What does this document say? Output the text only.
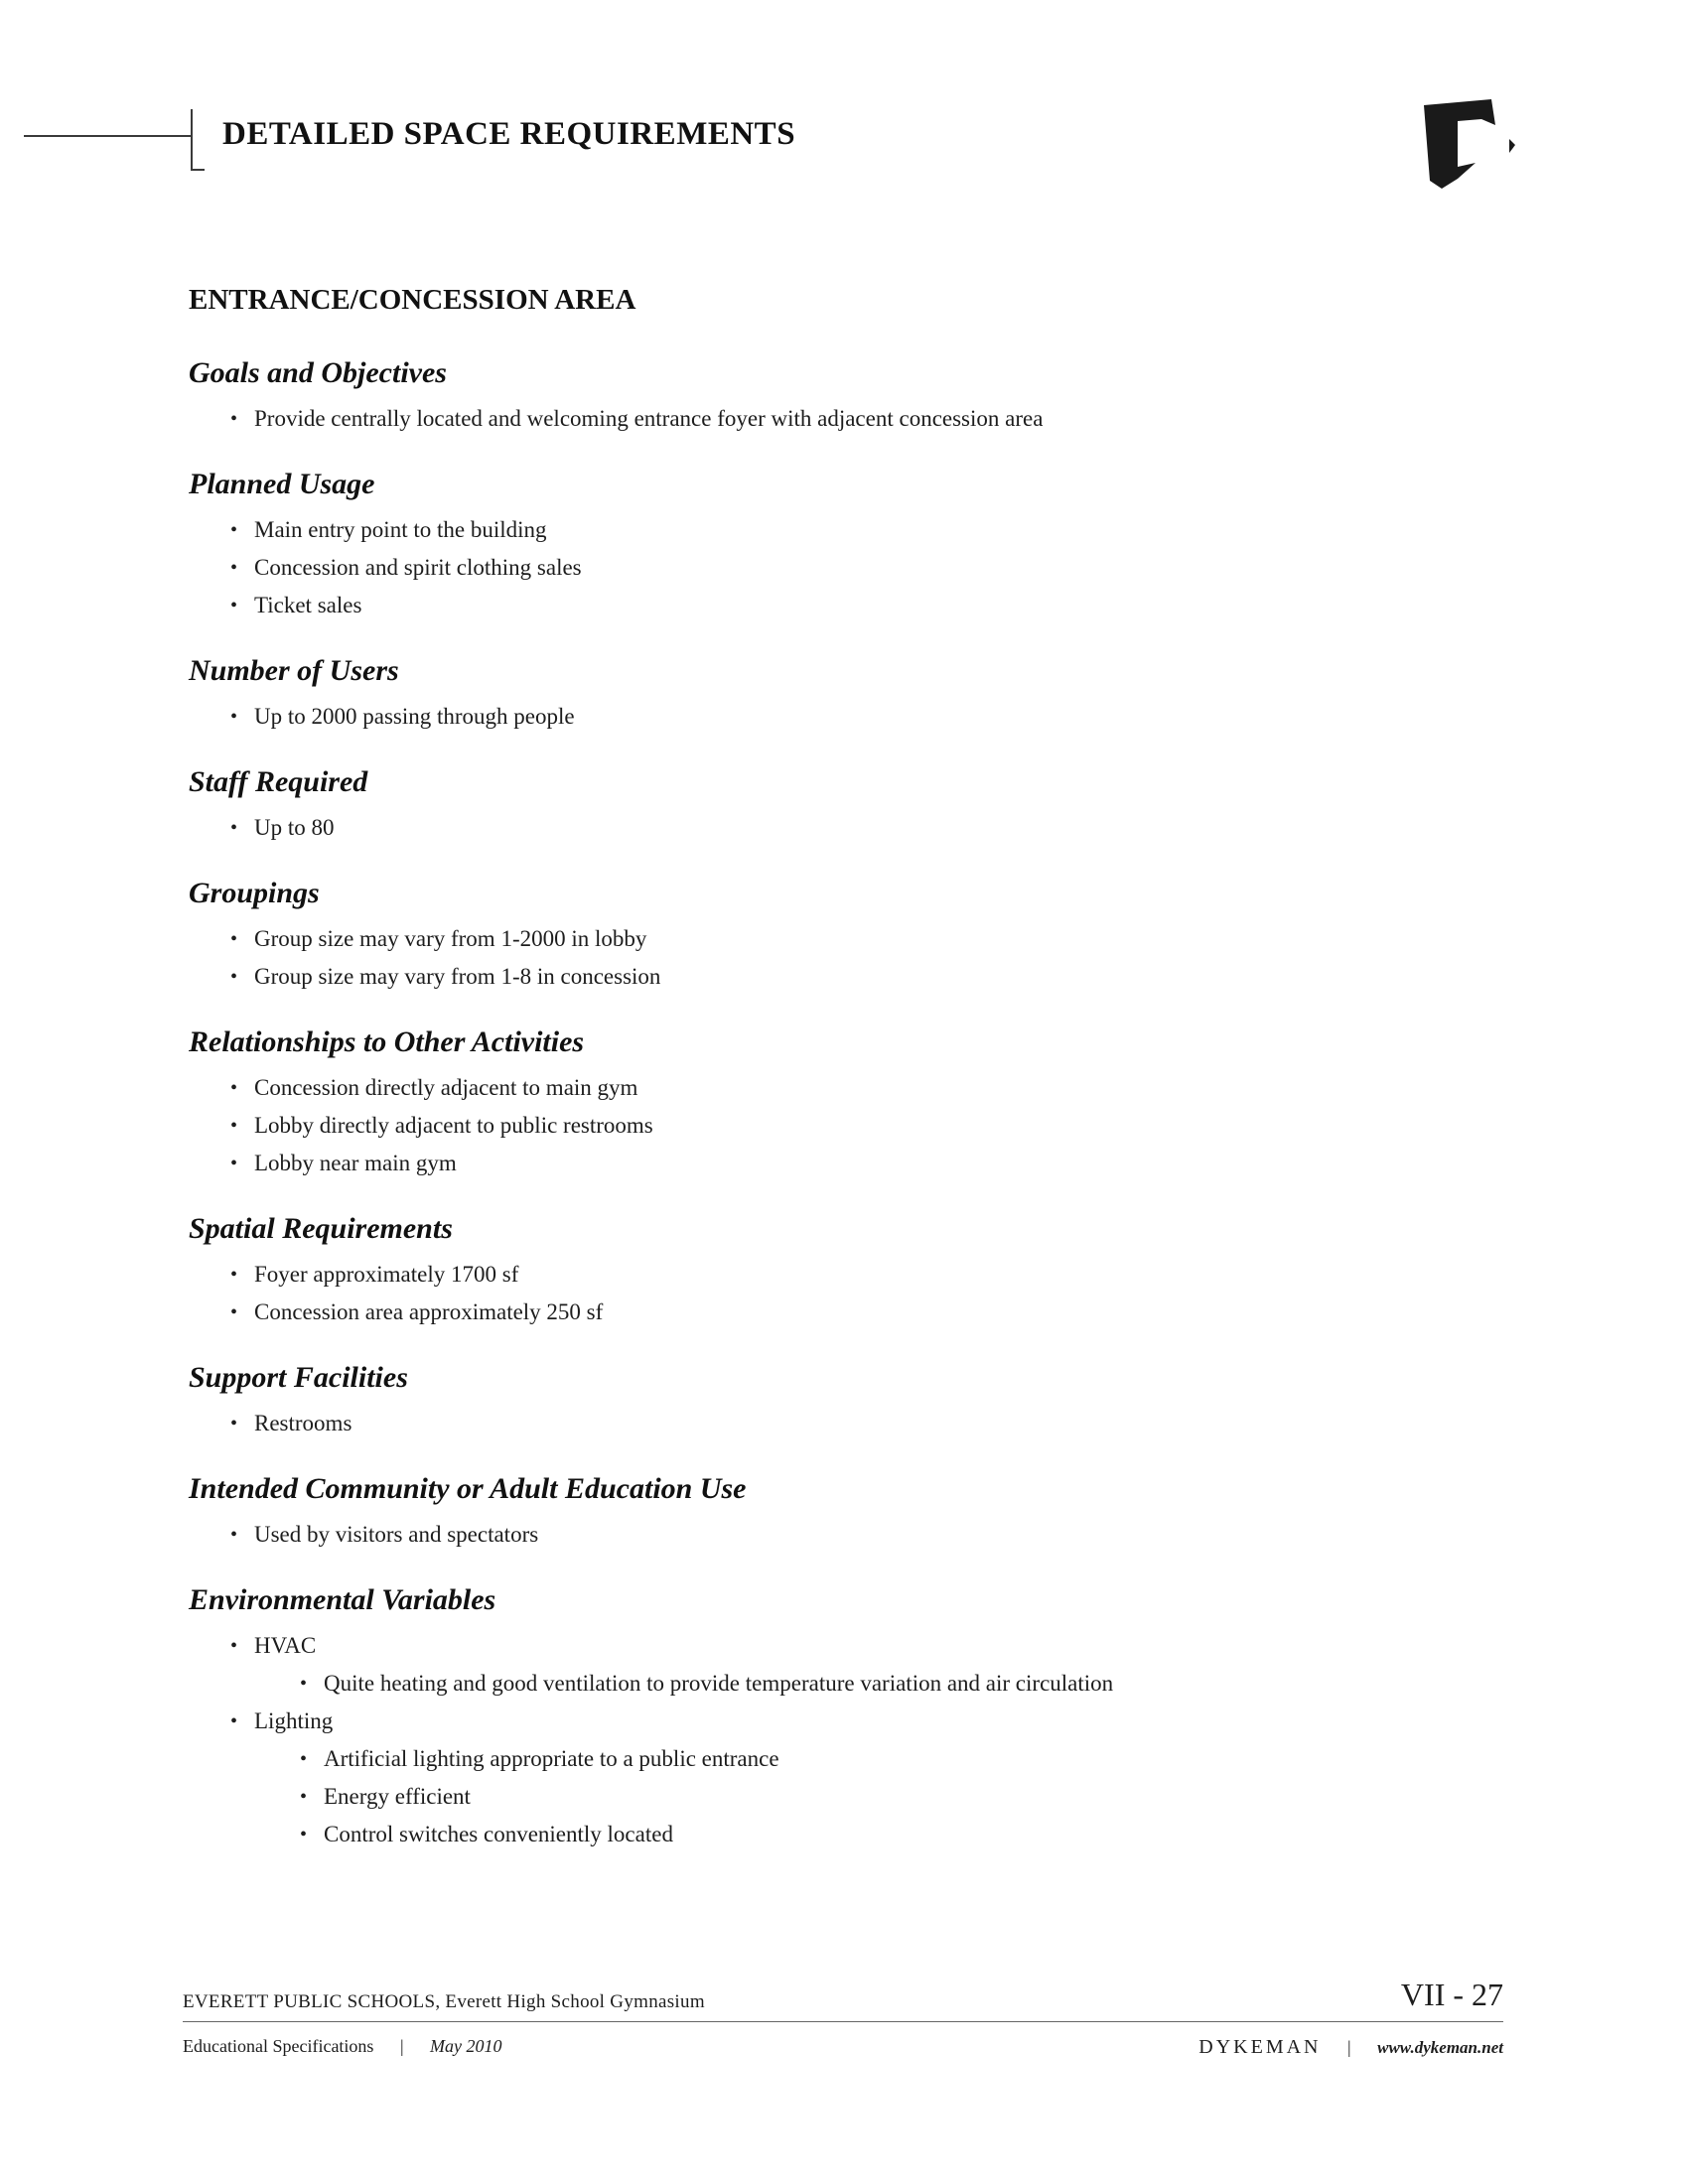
DETAILED SPACE REQUIREMENTS
ENTRANCE/CONCESSION AREA
Goals and Objectives
• Provide centrally located and welcoming entrance foyer with adjacent concession area
Planned Usage
• Main entry point to the building
• Concession and spirit clothing sales
• Ticket sales
Number of Users
• Up to 2000 passing through people
Staff Required
• Up to 80
Groupings
• Group size may vary from 1-2000 in lobby
• Group size may vary from 1-8 in concession
Relationships to Other Activities
• Concession directly adjacent to main gym
• Lobby directly adjacent to public restrooms
• Lobby near main gym
Spatial Requirements
• Foyer approximately 1700 sf
• Concession area approximately 250 sf
Support Facilities
• Restrooms
Intended Community or Adult Education Use
• Used by visitors and spectators
Environmental Variables
• HVAC
• Quite heating and good ventilation to provide temperature variation and air circulation
• Lighting
• Artificial lighting appropriate to a public entrance
• Energy efficient
• Control switches conveniently located
EVERETT PUBLIC SCHOOLS, Everett High School Gymnasium	VII - 27
Educational Specifications | May 2010	DYKEMAN | www.dykeman.net
